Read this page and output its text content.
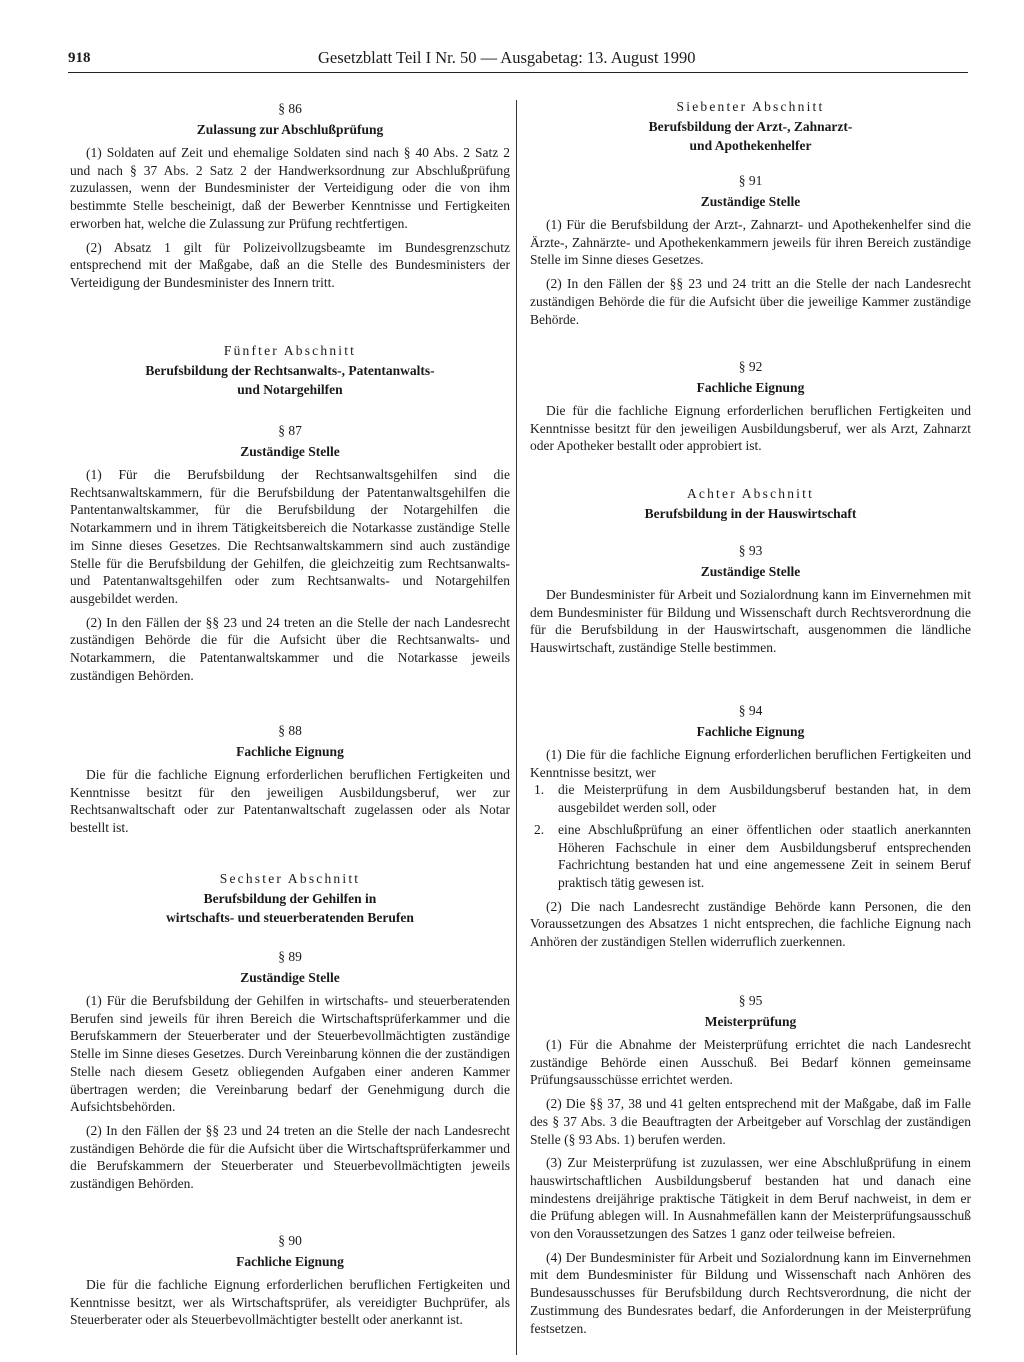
918	Gesetzblatt Teil I Nr. 50 — Ausgabetag: 13. August 1990

§ 86

Zulassung zur Abschlußprüfung

(1) Soldaten auf Zeit und ehemalige Soldaten sind nach § 40 Abs. 2 Satz 2 und nach § 37 Abs. 2 Satz 2 der Handwerksordnung zur Abschlußprüfung zuzulassen, wenn der Bundesminister der Verteidigung oder die von ihm bestimmte Stelle bescheinigt, daß der Bewerber Kenntnisse und Fertigkeiten erworben hat, welche die Zulassung zur Prüfung rechtfertigen.

(2) Absatz 1 gilt für Polizeivollzugsbeamte im Bundesgrenzschutz entsprechend mit der Maßgabe, daß an die Stelle des Bundesministers der Verteidigung der Bundesminister des Innern tritt.

Fünfter Abschnitt

Berufsbildung der Rechtsanwalts-, Patentanwalts-

und Notargehilfen

§ 87

Zuständige Stelle

(1) Für die Berufsbildung der Rechtsanwaltsgehilfen sind die Rechtsanwaltskammern, für die Berufsbildung der Patentanwaltsgehilfen die Pantentanwaltskammer, für die Berufsbildung der Notargehilfen die Notarkammern und in ihrem Tätigkeitsbereich die Notarkasse zuständige Stelle im Sinne dieses Gesetzes. Die Rechtsanwaltskammern sind auch zuständige Stelle für die Berufsbildung der Gehilfen, die gleichzeitig zum Rechtsanwalts- und Patentanwaltsgehilfen oder zum Rechtsanwalts- und Notargehilfen ausgebildet werden.

(2) In den Fällen der §§ 23 und 24 treten an die Stelle der nach Landesrecht zuständigen Behörde die für die Aufsicht über die Rechtsanwalts- und Notarkammern, die Patentanwaltskammer und die Notarkasse jeweils zuständigen Behörden.

§ 88

Fachliche Eignung

Die für die fachliche Eignung erforderlichen beruflichen Fertigkeiten und Kenntnisse besitzt für den jeweiligen Ausbildungsberuf, wer zur Rechtsanwaltschaft oder zur Patentanwaltschaft zugelassen oder als Notar bestellt ist.

Sechster Abschnitt

Berufsbildung der Gehilfen in

wirtschafts- und steuerberatenden Berufen

§ 89

Zuständige Stelle

(1) Für die Berufsbildung der Gehilfen in wirtschafts- und steuerberatenden Berufen sind jeweils für ihren Bereich die Wirtschaftsprüferkammer und die Berufskammern der Steuerberater und der Steuerbevollmächtigten zuständige Stelle im Sinne dieses Gesetzes. Durch Vereinbarung können die der zuständigen Stelle nach diesem Gesetz obliegenden Aufgaben einer anderen Kammer übertragen werden; die Vereinbarung bedarf der Genehmigung durch die Aufsichtsbehörden.

(2) In den Fällen der §§ 23 und 24 treten an die Stelle der nach Landesrecht zuständigen Behörde die für die Aufsicht über die Wirtschaftsprüferkammer und die Berufskammern der Steuerberater und Steuerbevollmächtigten jeweils zuständigen Behörden.

§ 90

Fachliche Eignung

Die für die fachliche Eignung erforderlichen beruflichen Fertigkeiten und Kenntnisse besitzt, wer als Wirtschaftsprüfer, als vereidigter Buchprüfer, als Steuerberater oder als Steuerbevollmächtigter bestellt oder anerkannt ist.

Siebenter Abschnitt

Berufsbildung der Arzt-, Zahnarzt-

und Apothekenhelfer

§ 91

Zuständige Stelle

(1) Für die Berufsbildung der Arzt-, Zahnarzt- und Apothekenhelfer sind die Ärzte-, Zahnärzte- und Apothekenkammern jeweils für ihren Bereich zuständige Stelle im Sinne dieses Gesetzes.

(2) In den Fällen der §§ 23 und 24 tritt an die Stelle der nach Landesrecht zuständigen Behörde die für die Aufsicht über die jeweilige Kammer zuständige Behörde.

§ 92

Fachliche Eignung

Die für die fachliche Eignung erforderlichen beruflichen Fertigkeiten und Kenntnisse besitzt für den jeweiligen Ausbildungsberuf, wer als Arzt, Zahnarzt oder Apotheker bestallt oder approbiert ist.

Achter Abschnitt

Berufsbildung in der Hauswirtschaft

§ 93

Zuständige Stelle

Der Bundesminister für Arbeit und Sozialordnung kann im Einvernehmen mit dem Bundesminister für Bildung und Wissenschaft durch Rechtsverordnung die für die Berufsbildung in der Hauswirtschaft, ausgenommen die ländliche Hauswirtschaft, zuständige Stelle bestimmen.

§ 94

Fachliche Eignung

(1) Die für die fachliche Eignung erforderlichen beruflichen Fertigkeiten und Kenntnisse besitzt, wer

1.	die Meisterprüfung in dem Ausbildungsberuf bestanden hat, in dem ausgebildet werden soll, oder
2.	eine Abschlußprüfung an einer öffentlichen oder staatlich anerkannten Höheren Fachschule in einer dem Ausbildungsberuf entsprechenden Fachrichtung bestanden hat und eine angemessene Zeit in seinem Beruf praktisch tätig gewesen ist.

(2) Die nach Landesrecht zuständige Behörde kann Personen, die den Voraussetzungen des Absatzes 1 nicht entsprechen, die fachliche Eignung nach Anhören der zuständigen Stellen widerruflich zuerkennen.

§ 95

Meisterprüfung

(1) Für die Abnahme der Meisterprüfung errichtet die nach Landesrecht zuständige Behörde einen Ausschuß. Bei Bedarf können gemeinsame Prüfungsausschüsse errichtet werden.

(2) Die §§ 37, 38 und 41 gelten entsprechend mit der Maßgabe, daß im Falle des § 37 Abs. 3 die Beauftragten der Arbeitgeber auf Vorschlag der zuständigen Stelle (§ 93 Abs. 1) berufen werden.

(3) Zur Meisterprüfung ist zuzulassen, wer eine Abschlußprüfung in einem hauswirtschaftlichen Ausbildungsberuf bestanden hat und danach eine mindestens dreijährige praktische Tätigkeit in dem Beruf nachweist, in dem er die Prüfung ablegen will. In Ausnahmefällen kann der Meisterprüfungsausschuß von den Voraussetzungen des Satzes 1 ganz oder teilweise befreien.

(4) Der Bundesminister für Arbeit und Sozialordnung kann im Einvernehmen mit dem Bundesminister für Bildung und Wissenschaft nach Anhören des Bundesausschusses für Berufsbildung durch Rechtsverordnung, die nicht der Zustimmung des Bundesrates bedarf, die Anforderungen in der Meisterprüfung festsetzen.
